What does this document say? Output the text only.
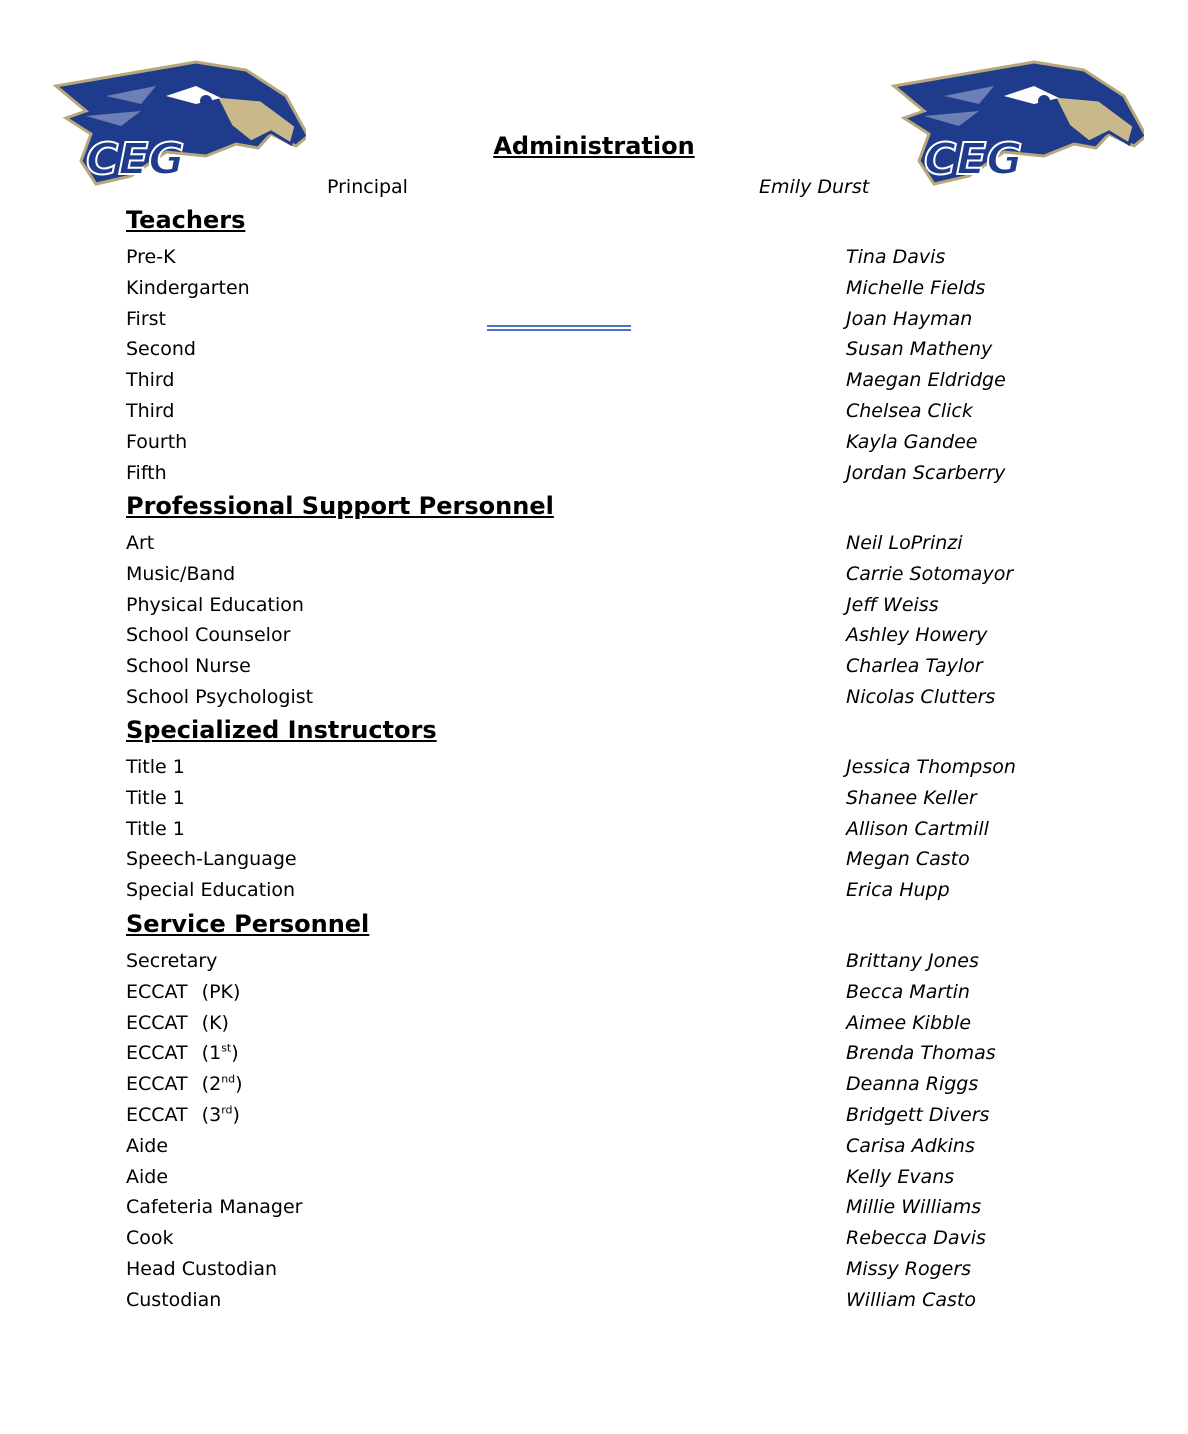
CEG	CEG
Administration
Principal	Emily Durst
Teachers
Pre-K	Tina Davis
Kindergarten	Michelle Fields
First	Joan Hayman
Second	Susan Matheny
Third	Maegan Eldridge
Third	Chelsea Click
Fourth	Kayla Gandee
Fifth	Jordan Scarberry
Professional Support Personnel
Art	Neil LoPrinzi
Music/Band	Carrie Sotomayor
Physical Education	Jeff Weiss
School Counselor	Ashley Howery
School Nurse	Charlea Taylor
School Psychologist	Nicolas Clutters
Specialized Instructors
Title 1	Jessica Thompson
Title 1	Shanee Keller
Title 1	Allison Cartmill
Speech-Language	Megan Casto
Special Education	Erica Hupp
Service Personnel
Secretary	Brittany Jones
ECCAT (PK)	Becca Martin
ECCAT (K)	Aimee Kibble
ECCAT (1st)	Brenda Thomas
ECCAT (2nd)	Deanna Riggs
ECCAT (3rd)	Bridgett Divers
Aide	Carisa Adkins
Aide	Kelly Evans
Cafeteria Manager	Millie Williams
Cook	Rebecca Davis
Head Custodian	Missy Rogers
Custodian	William Casto
